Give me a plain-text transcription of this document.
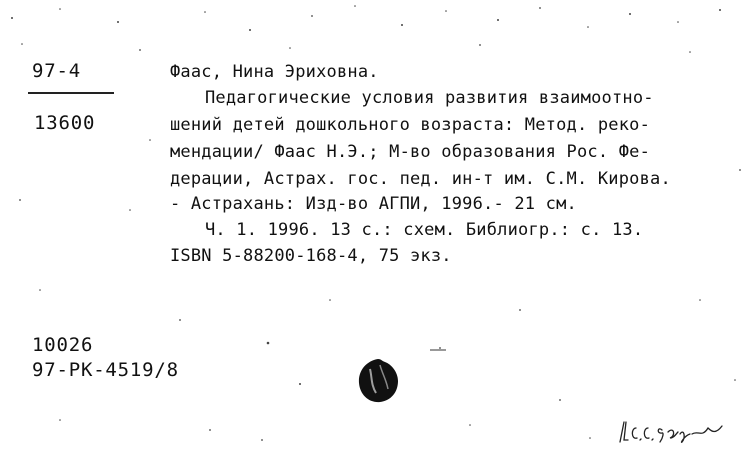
97-4
13600
Фаас, Нина Эриховна.
Педагогические условия развития взаимоотно-
шений детей дошкольного возраста: Метод. реко-
мендации/ Фаас Н.Э.; М-во образования Рос. Фе-
дерации, Астрах. гос. пед. ин-т им. С.М. Кирова.
- Астрахань: Изд-во АГПИ, 1996.- 21 см.
Ч. 1. 1996. 13 с.: схем. Библиогр.: с. 13.
ISBN 5-88200-168-4, 75 экз.
10026
97-PK-4519/8
